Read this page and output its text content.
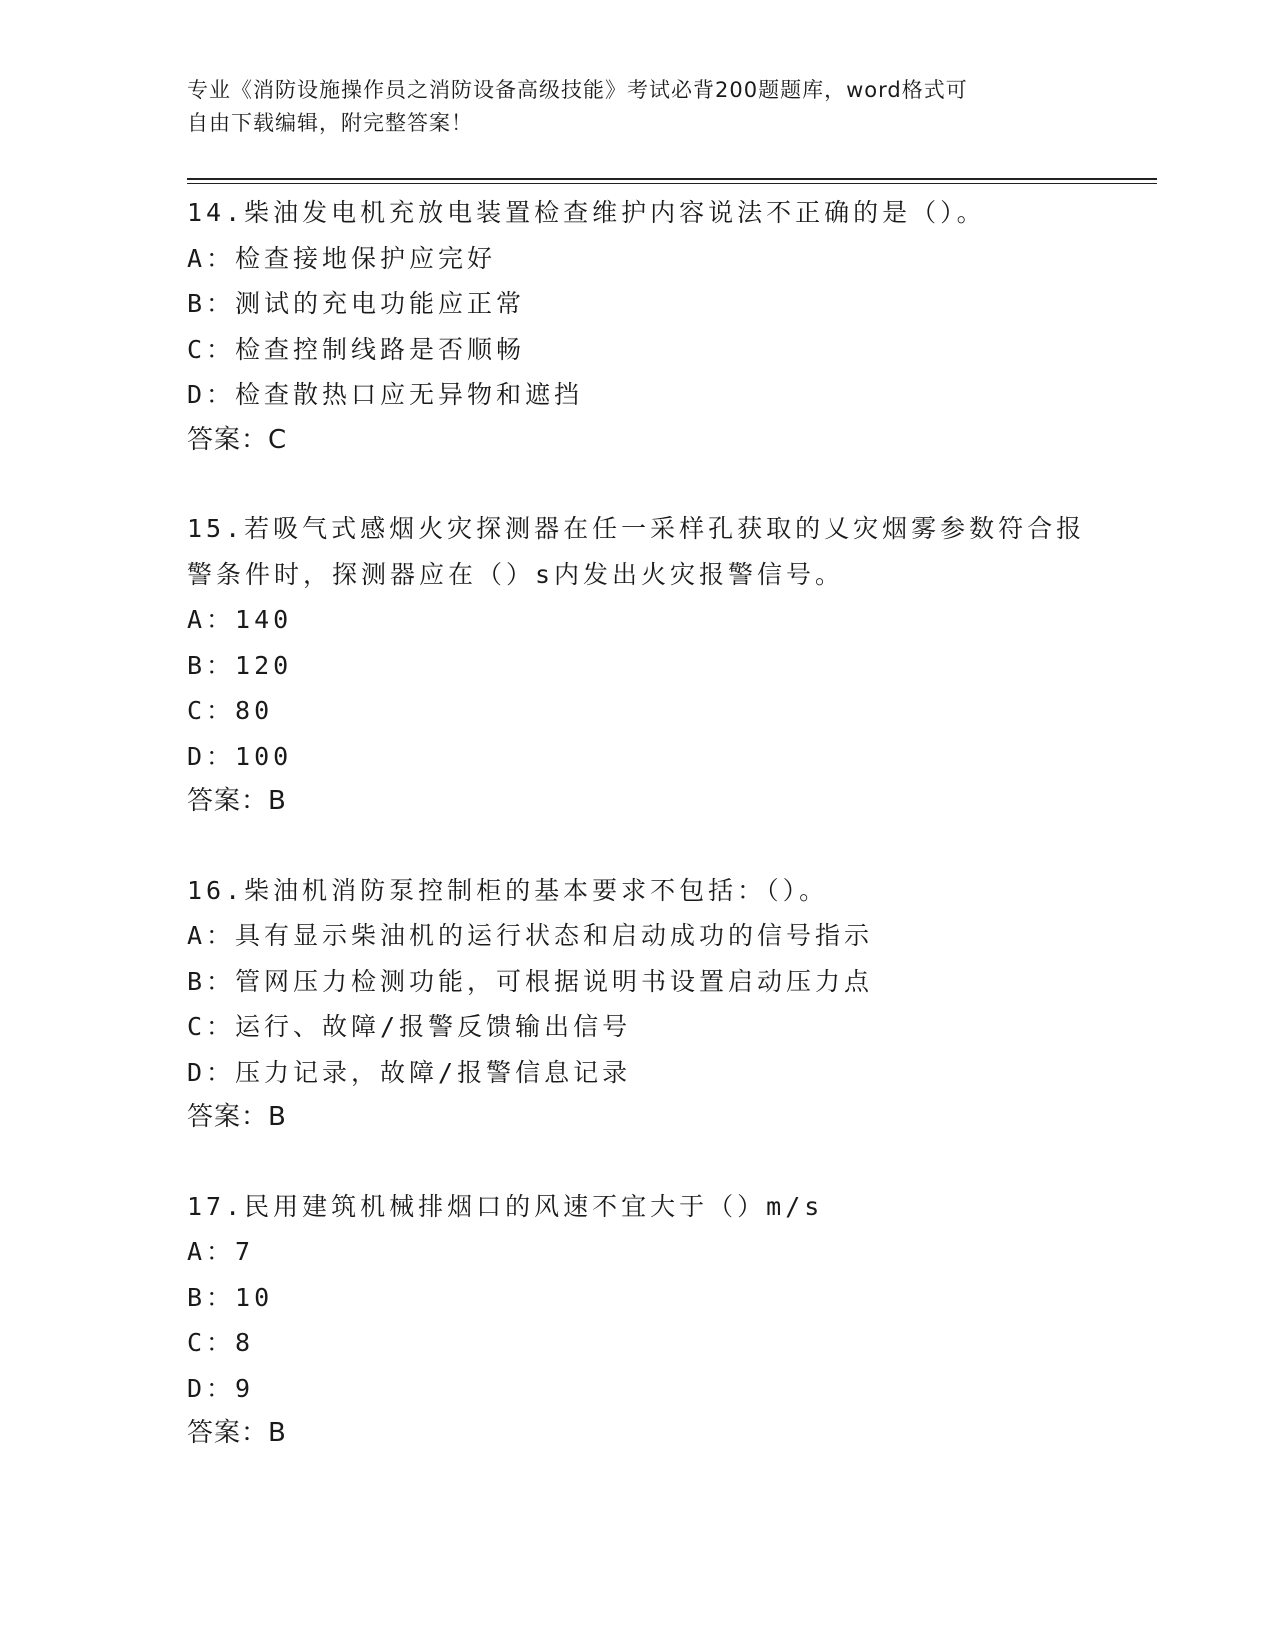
专业《消防设施操作员之消防设备高级技能》考试必背200题题库，word格式可
自由下载编辑，附完整答案！
14.柴油发电机充放电装置检查维护内容说法不正确的是（）。
A：检查接地保护应完好
B：测试的充电功能应正常
C：检查控制线路是否顺畅
D：检查散热口应无异物和遮挡
答案：C
15.若吸气式感烟火灾探测器在任一采样孔获取的乂灾烟雾参数符合报警条件时，探测器应在（）s内发出火灾报警信号。
A：140
B：120
C：80
D：100
答案：B
16.柴油机消防泵控制柜的基本要求不包括：（）。
A：具有显示柴油机的运行状态和启动成功的信号指示
B：管网压力检测功能，可根据说明书设置启动压力点
C：运行、故障/报警反馈输出信号
D：压力记录，故障/报警信息记录
答案：B
17.民用建筑机械排烟口的风速不宜大于（）m/s
A：7
B：10
C：8
D：9
答案：B
